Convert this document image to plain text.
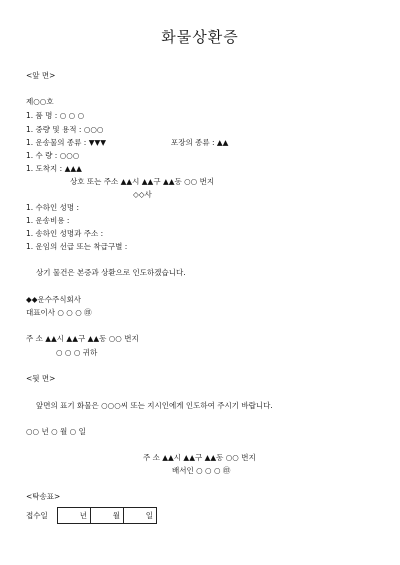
화물상환증
<앞 면>
제○○호
1. 품 명 : ○ ○ ○
1. 중량 및 용적 : ○○○
1. 운송물의 종류 : ▼▼▼	포장의 종류 : ▲▲
1. 수 량 : ○○○
1. 도착지 : ▲▲▲
상호 또는 주소 ▲▲시 ▲▲구 ▲▲동 ○○ 번지
◇◇사
1. 수하인 성명 :
1. 운송비용 :
1. 송하인 성명과 주소 :
1. 운임의 선급 또는 착급구별 :
상기 물건은 본증과 상환으로 인도하겠습니다.
◆◆운수주식회사
대표이사 ○ ○ ○ ㊞
주 소 ▲▲시 ▲▲구 ▲▲동 ○○ 번지
○ ○ ○ 귀하
<뒷 면>
앞면의 표기 화물은 ○○○씨 또는 지시인에게 인도하여 주시기 바랍니다.
○○ 년 ○ 월 ○ 일
주 소 ▲▲시 ▲▲구 ▲▲동 ○○ 번지
배서인 ○ ○ ○ ㊞
<탁송표>
접수일	년	월	일
